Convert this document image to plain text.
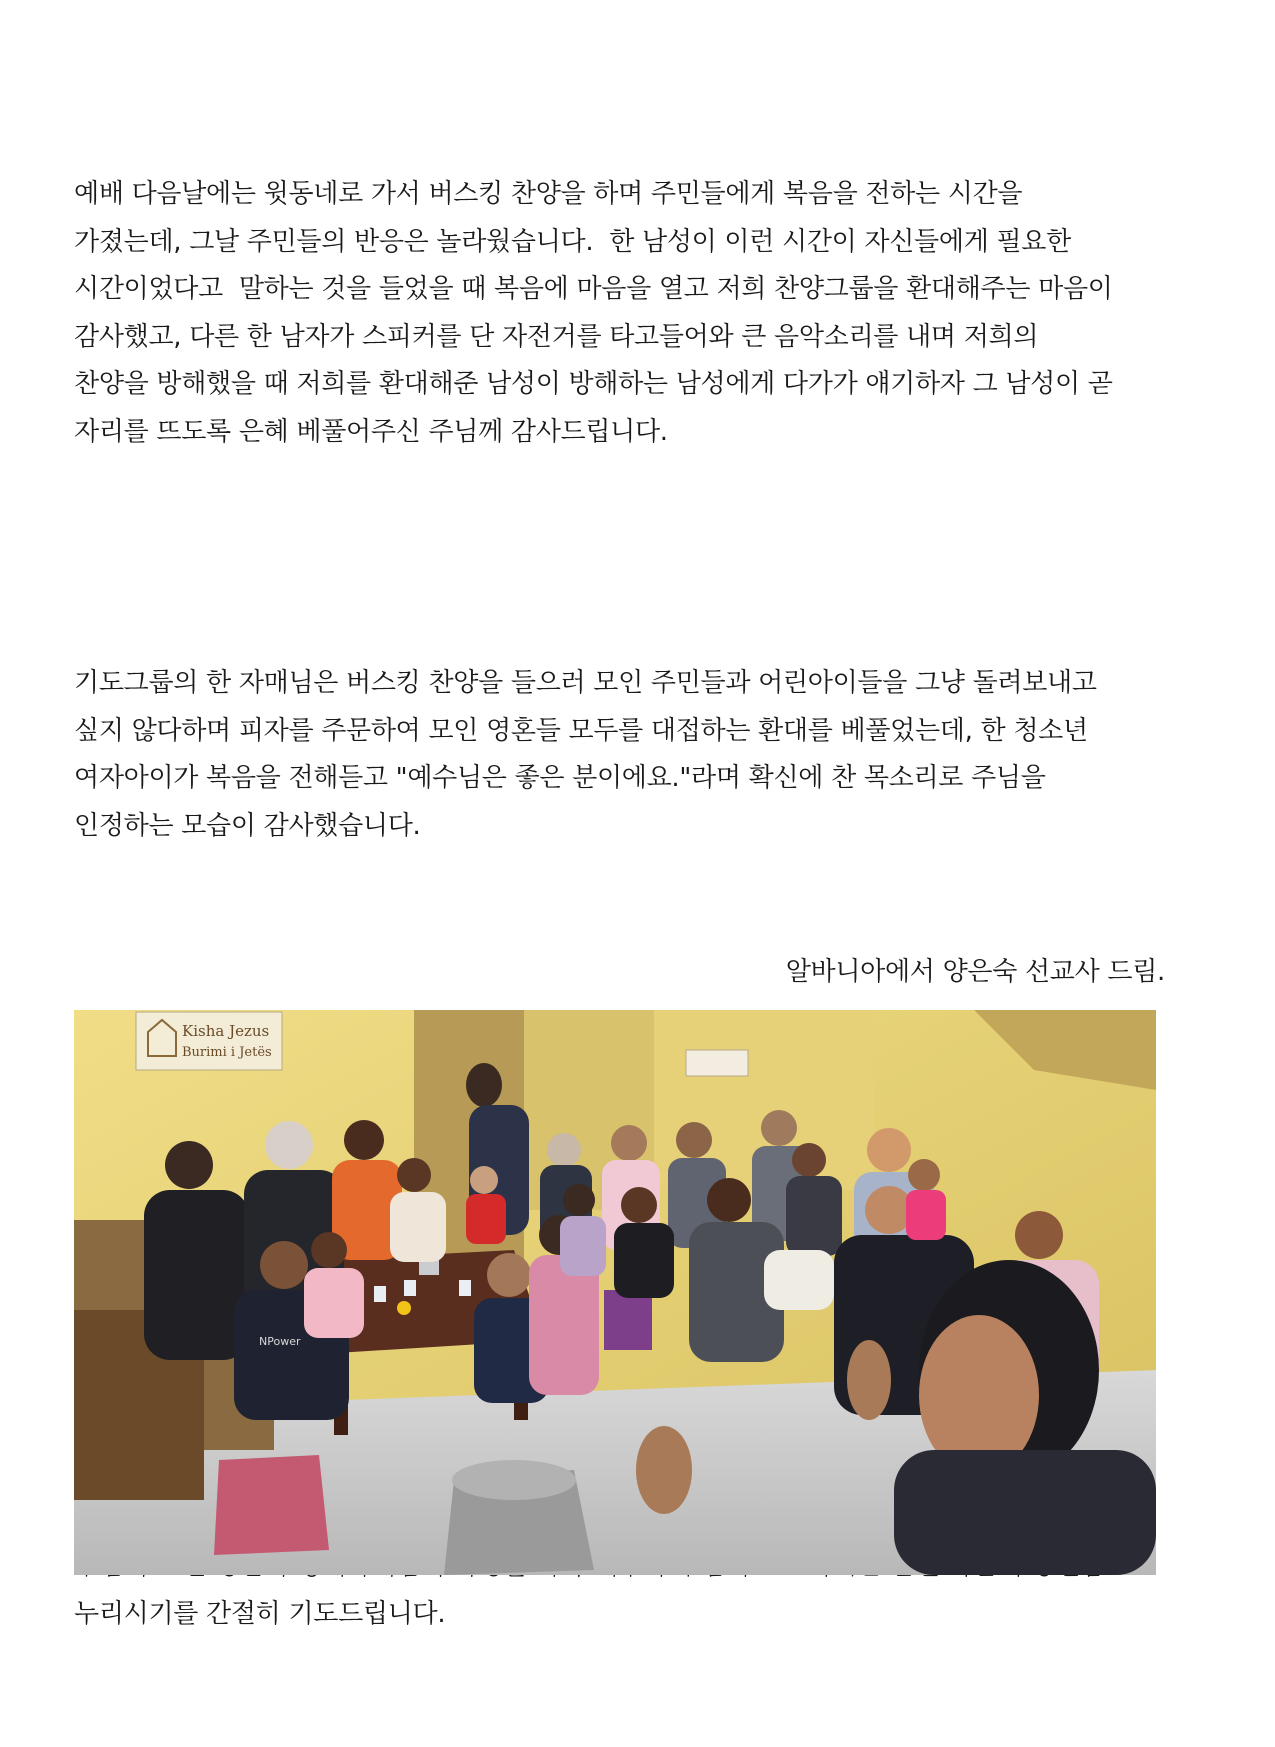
예배 다음날에는 윗동네로 가서 버스킹 찬양을 하며 주민들에게 복음을 전하는 시간을
가졌는데, 그날 주민들의 반응은 놀라웠습니다.  한 남성이 이런 시간이 자신들에게 필요한
시간이었다고  말하는 것을 들었을 때 복음에 마음을 열고 저희 찬양그룹을 환대해주는 마음이
감사했고, 다른 한 남자가 스피커를 단 자전거를 타고들어와 큰 음악소리를 내며 저희의
찬양을 방해했을 때 저희를 환대해준 남성이 방해하는 남성에게 다가가 얘기하자 그 남성이 곧
자리를 뜨도록 은혜 베풀어주신 주님께 감사드립니다.

기도그룹의 한 자매님은 버스킹 찬양을 들으러 모인 주민들과 어린아이들을 그냥 돌려보내고
싶지 않다하며 피자를 주문하여 모인 영혼들 모두를 대접하는 환대를 베풀었는데, 한 청소년
여자아이가 복음을 전해듣고 "예수님은 좋은 분이에요."라며 확신에 찬 목소리로 주님을
인정하는 모습이 감사했습니다.

누리시기를 간절히 기도드립니다.

알바니아에서 양은숙 선교사 드림.
Kisha Jezus
Burimi i Jetës
NPower
